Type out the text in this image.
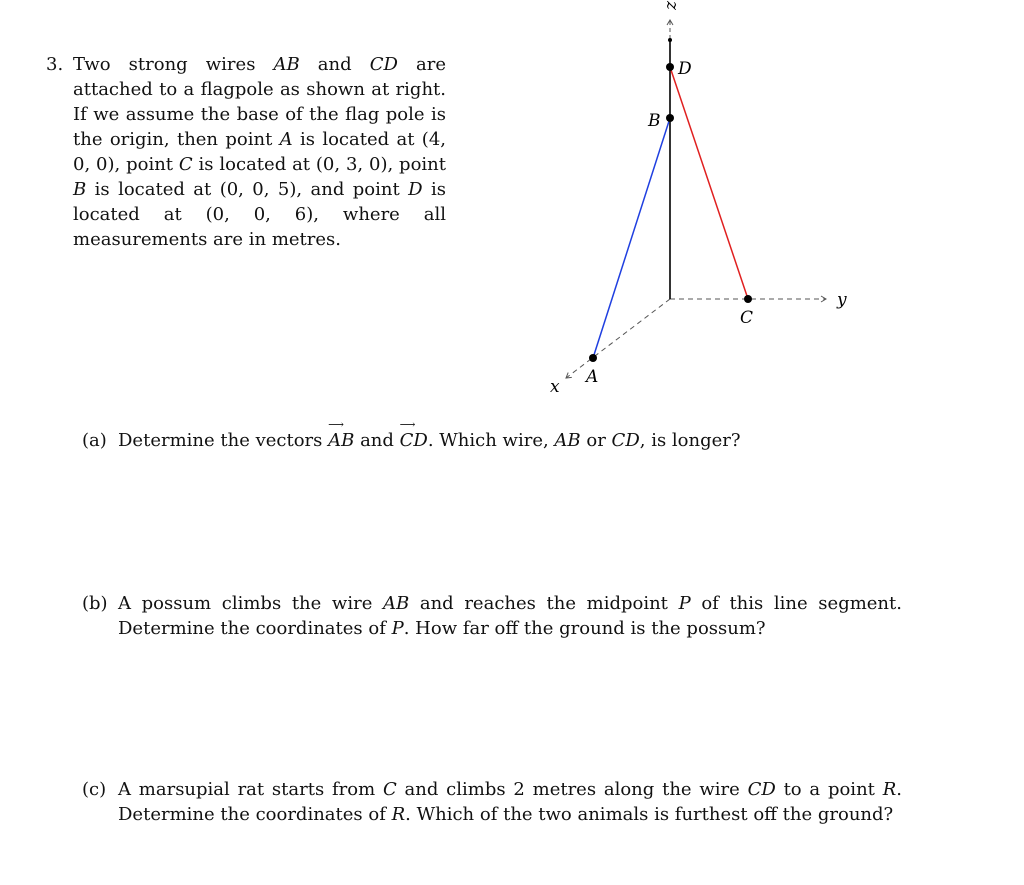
3. Two strong wires AB and CD are attached to a flagpole as shown at right. If we assume the base of the flag pole is the origin, then point A is located at (4, 0, 0), point C is located at (0, 3, 0), point B is located at (0, 0, 5), and point D is located at (0, 0, 6), where all measurements are in metres.
z
y
x A
B
C
D
(a) Determine the vectors
⟶
AB and
⟶
CD. Which wire, AB or CD, is longer?
(b) A possum climbs the wire AB and reaches the midpoint P of this line segment. Determine the coordinates of P. How far off the ground is the possum?
(c) A marsupial rat starts from C and climbs 2 metres along the wire CD to a point R. Determine the coordinates of R. Which of the two animals is furthest off the ground?
